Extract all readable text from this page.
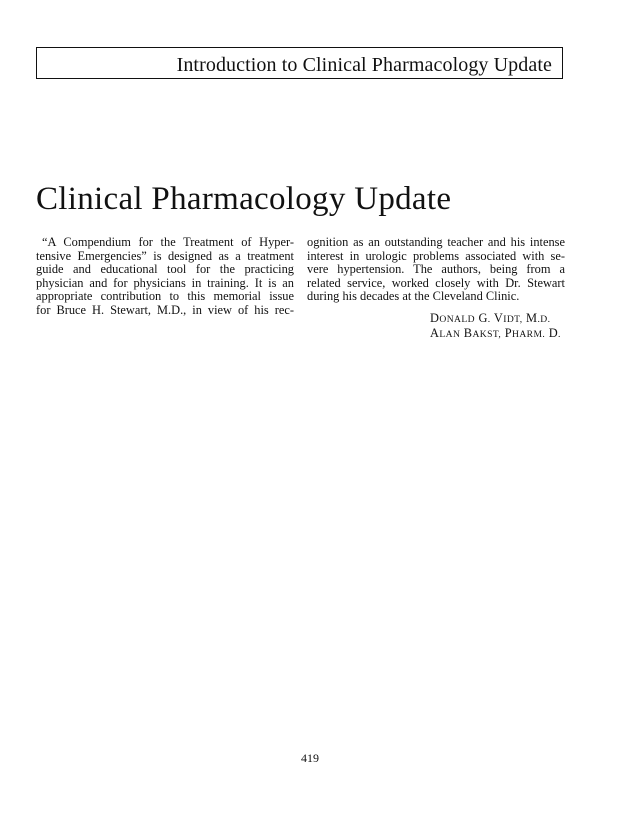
Introduction to Clinical Pharmacology Update
Clinical Pharmacology Update
“A Compendium for the Treatment of Hyper-
tensive Emergencies” is designed as a treatment
guide and educational tool for the practicing
physician and for physicians in training. It is an
appropriate contribution to this memorial issue
for Bruce H. Stewart, M.D., in view of his rec-
ognition as an outstanding teacher and his intense
interest in urologic problems associated with se-
vere hypertension. The authors, being from a
related service, worked closely with Dr. Stewart
during his decades at the Cleveland Clinic.
DONALD G. VIDT, M.D.
ALAN BAKST, PHARM. D.
419
